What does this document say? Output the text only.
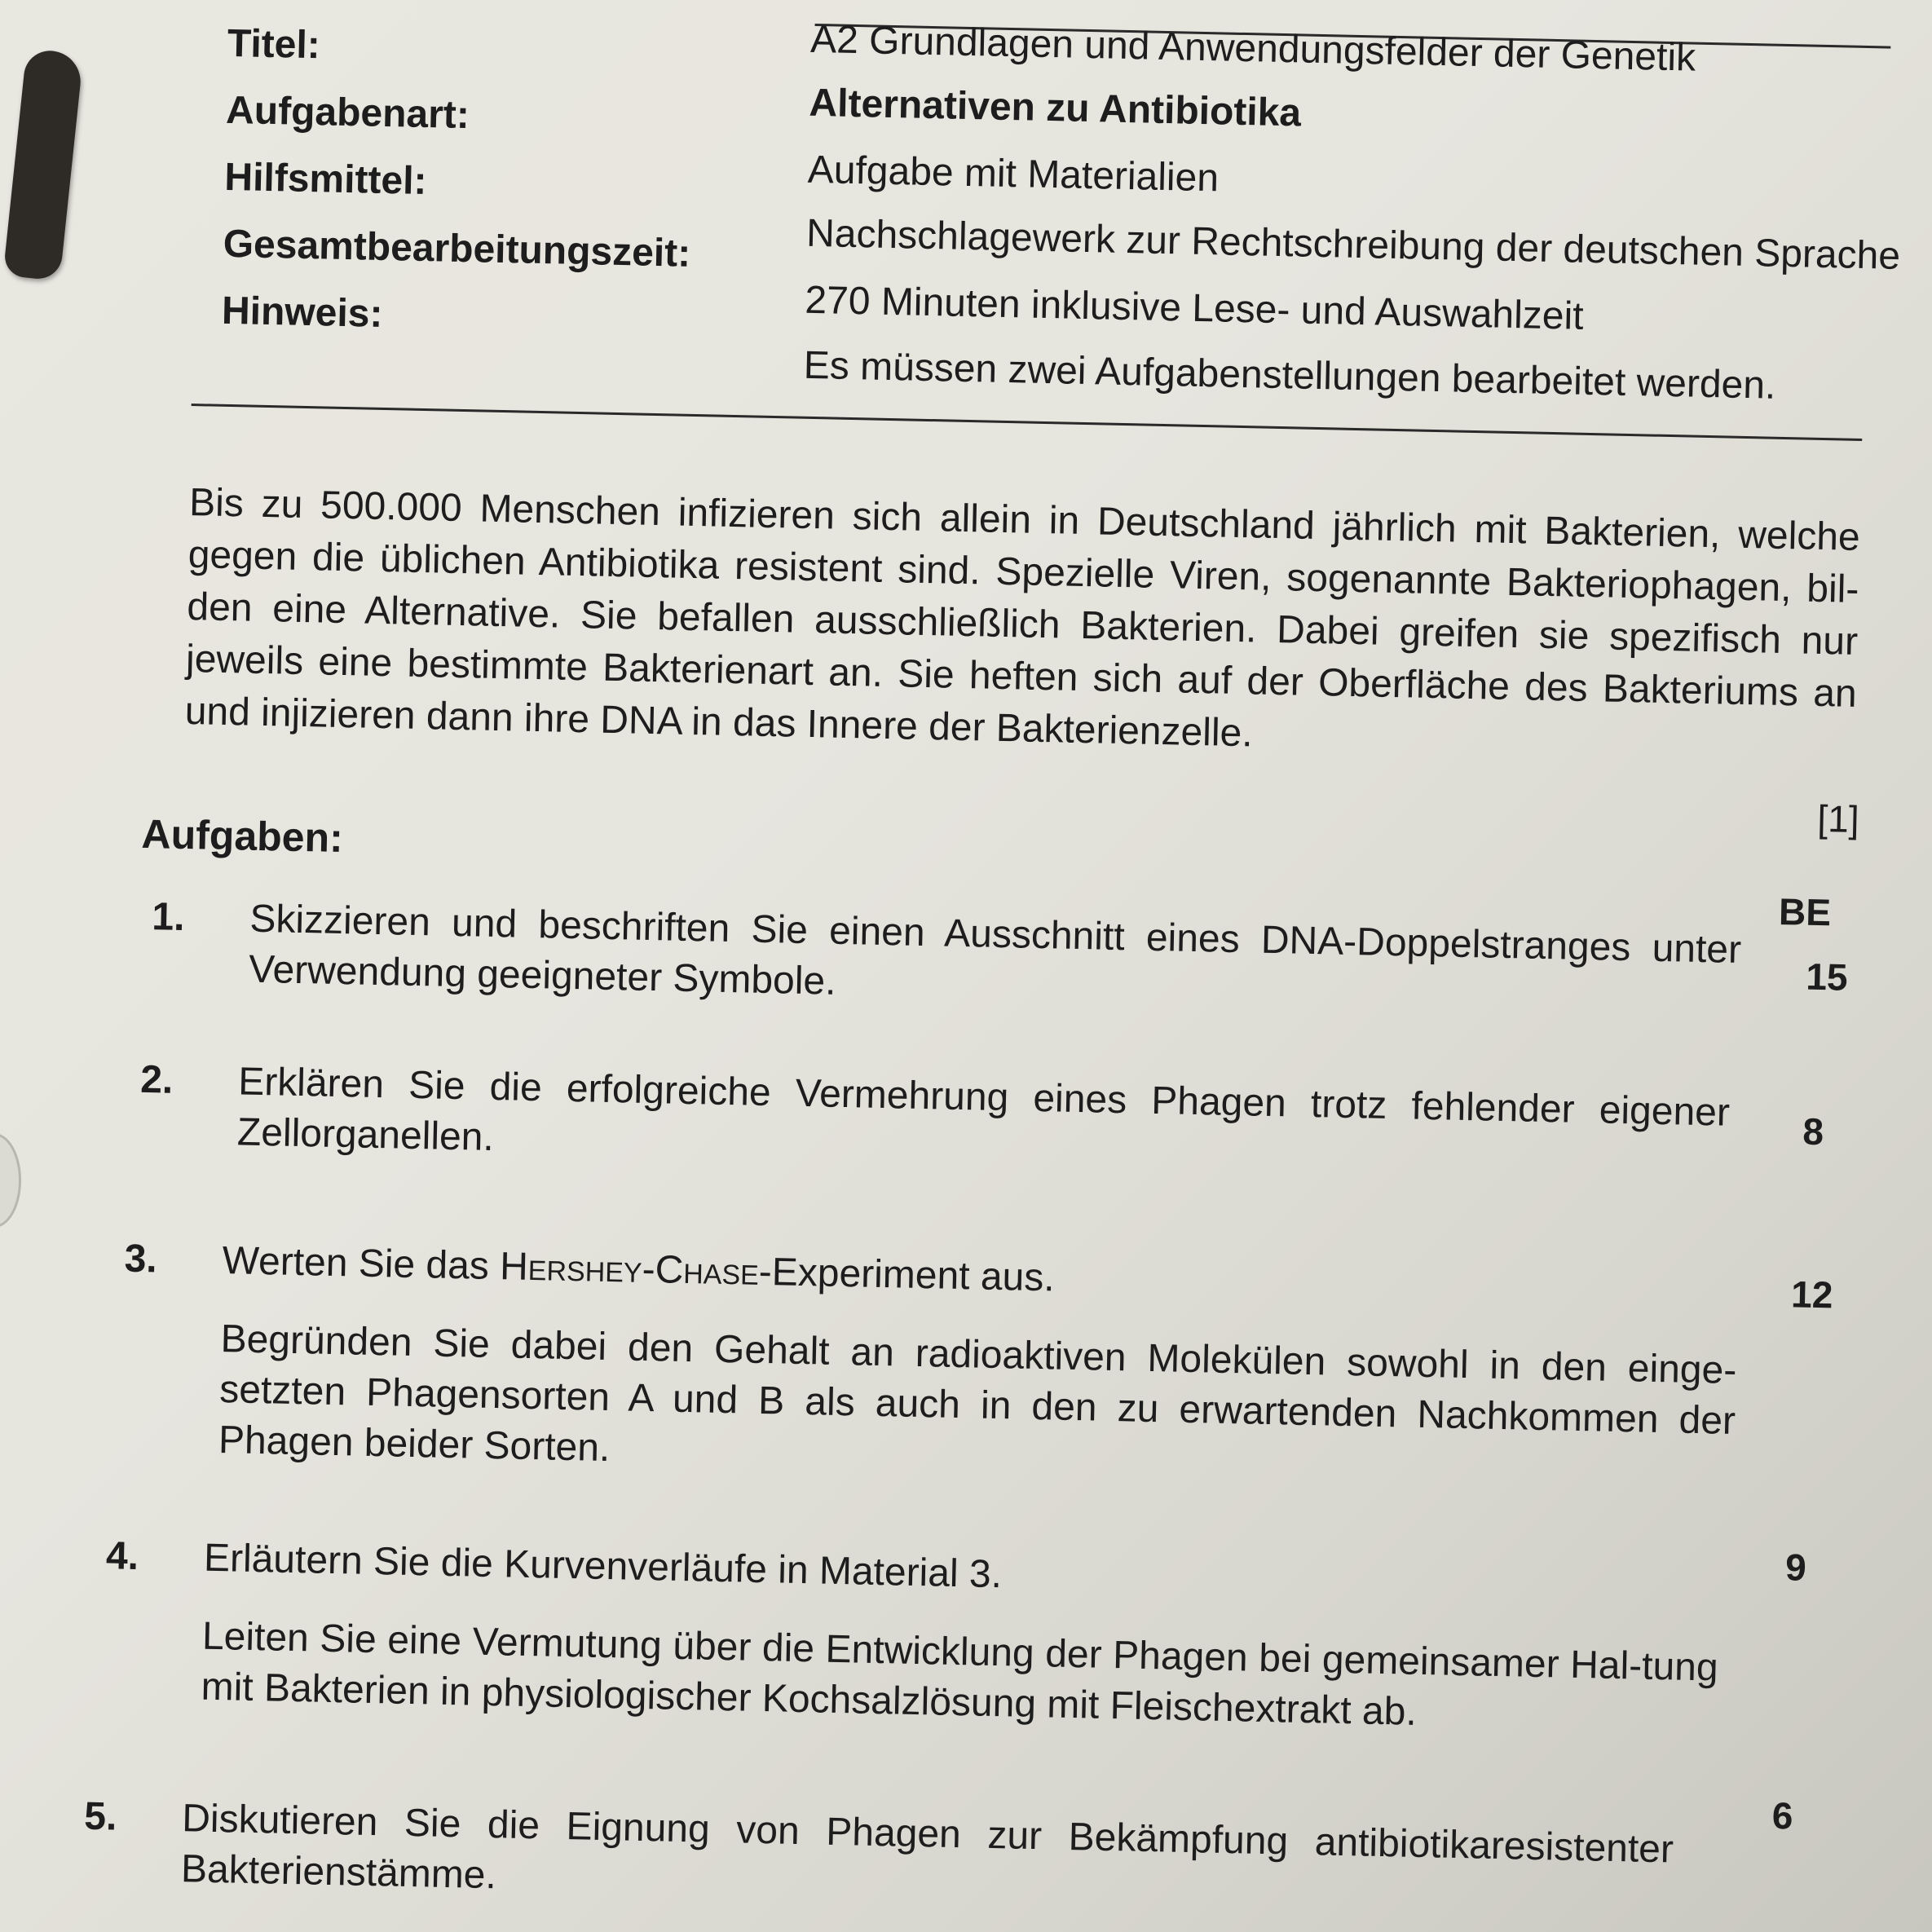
Titel:
Aufgabenart:
Hilfsmittel:
Gesamtbearbeitungszeit:
Hinweis:
A2 Grundlagen und Anwendungsfelder der Genetik
Alternativen zu Antibiotika
Aufgabe mit Materialien
Nachschlagewerk zur Rechtschreibung der deutschen Sprache
270 Minuten inklusive Lese- und Auswahlzeit
Es müssen zwei Aufgabenstellungen bearbeitet werden.
Bis zu 500.000 Menschen infizieren sich allein in Deutschland jährlich mit Bakterien, welche gegen die üblichen Antibiotika resistent sind. Spezielle Viren, sogenannte Bakteriophagen, bil-den eine Alternative. Sie befallen ausschließlich Bakterien. Dabei greifen sie spezifisch nur jeweils eine bestimmte Bakterienart an. Sie heften sich auf der Oberfläche des Bakteriums an und injizieren dann ihre DNA in das Innere der Bakterienzelle.
[1]
Aufgaben:
BE
1. Skizzieren und beschriften Sie einen Ausschnitt eines DNA-Doppelstranges unter Verwendung geeigneter Symbole.	15
2. Erklären Sie die erfolgreiche Vermehrung eines Phagen trotz fehlender eigener Zellorganellen.	8
3. Werten Sie das Hershey-Chase-Experiment aus.
Begründen Sie dabei den Gehalt an radioaktiven Molekülen sowohl in den einge-setzten Phagensorten A und B als auch in den zu erwartenden Nachkommen der Phagen beider Sorten.
12
4. Erläutern Sie die Kurvenverläufe in Material 3.
Leiten Sie eine Vermutung über die Entwicklung der Phagen bei gemeinsamer Hal-tung mit Bakterien in physiologischer Kochsalzlösung mit Fleischextrakt ab.
9
5. Diskutieren Sie die Eignung von Phagen zur Bekämpfung antibiotikaresistenter Bakterienstämme.
6
